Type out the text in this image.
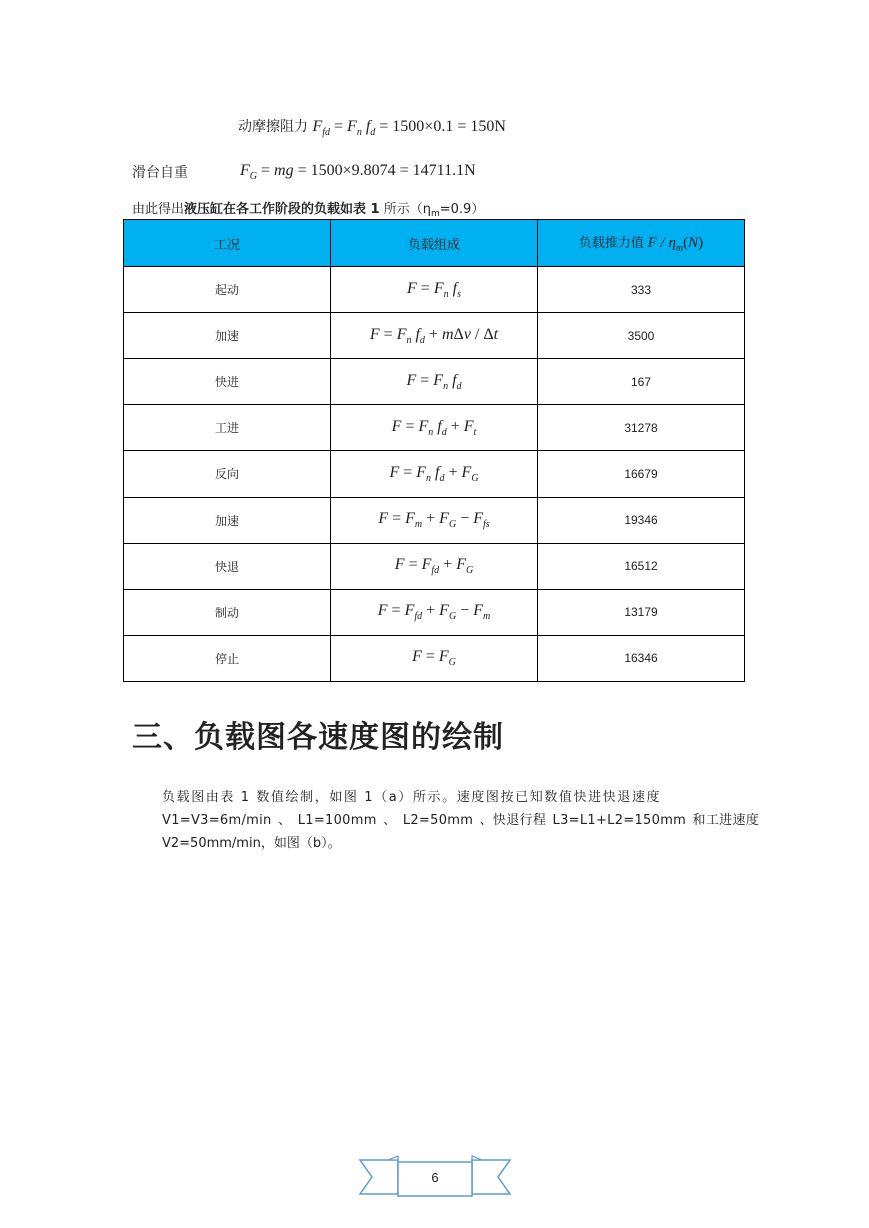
动摩擦阻力 $F_{fd} = F_n$ $f_d = 1500\times 0.1 = 150N$
滑台自重	$F_G$ = mg = 1500×9.8074 = 14711.1N
由此得出液压缸在各工作阶段的负载如表 1 所示$(\eta_m=0.9)$
工况	负载组成	负载推力值 F / $\eta_m(N)$
起动	$F = F_n$ $f_s$	333
加速	$F = F_n$ $f_d + m\Delta v / \Delta t$	3500
快进	$F = F_n$ $f_d$	167
工进	$F = F_n$ $f_d + F_t$	31278
反向	$F = F_n$ $f_d + F_G$	16679
加速	$F = F_m + F_G - F_{fs}$	19346
快退	$F = F_{fd} + F_G$	16512
制动	$F = F_{fd} + F_G - F_m$	13179
停止	$F = F_G$	16346
三、负载图各速度图的绘制
负载图由表 1 数值绘制，如图 1（a）所示。速度图按已知数值快进快退速度
V1=V3=6m/min 、 L1=100mm 、 L2=50mm 、快退行程 L3=L1+L2=150mm 和工进速度
V2=50mm/min，如图（b）。
6
